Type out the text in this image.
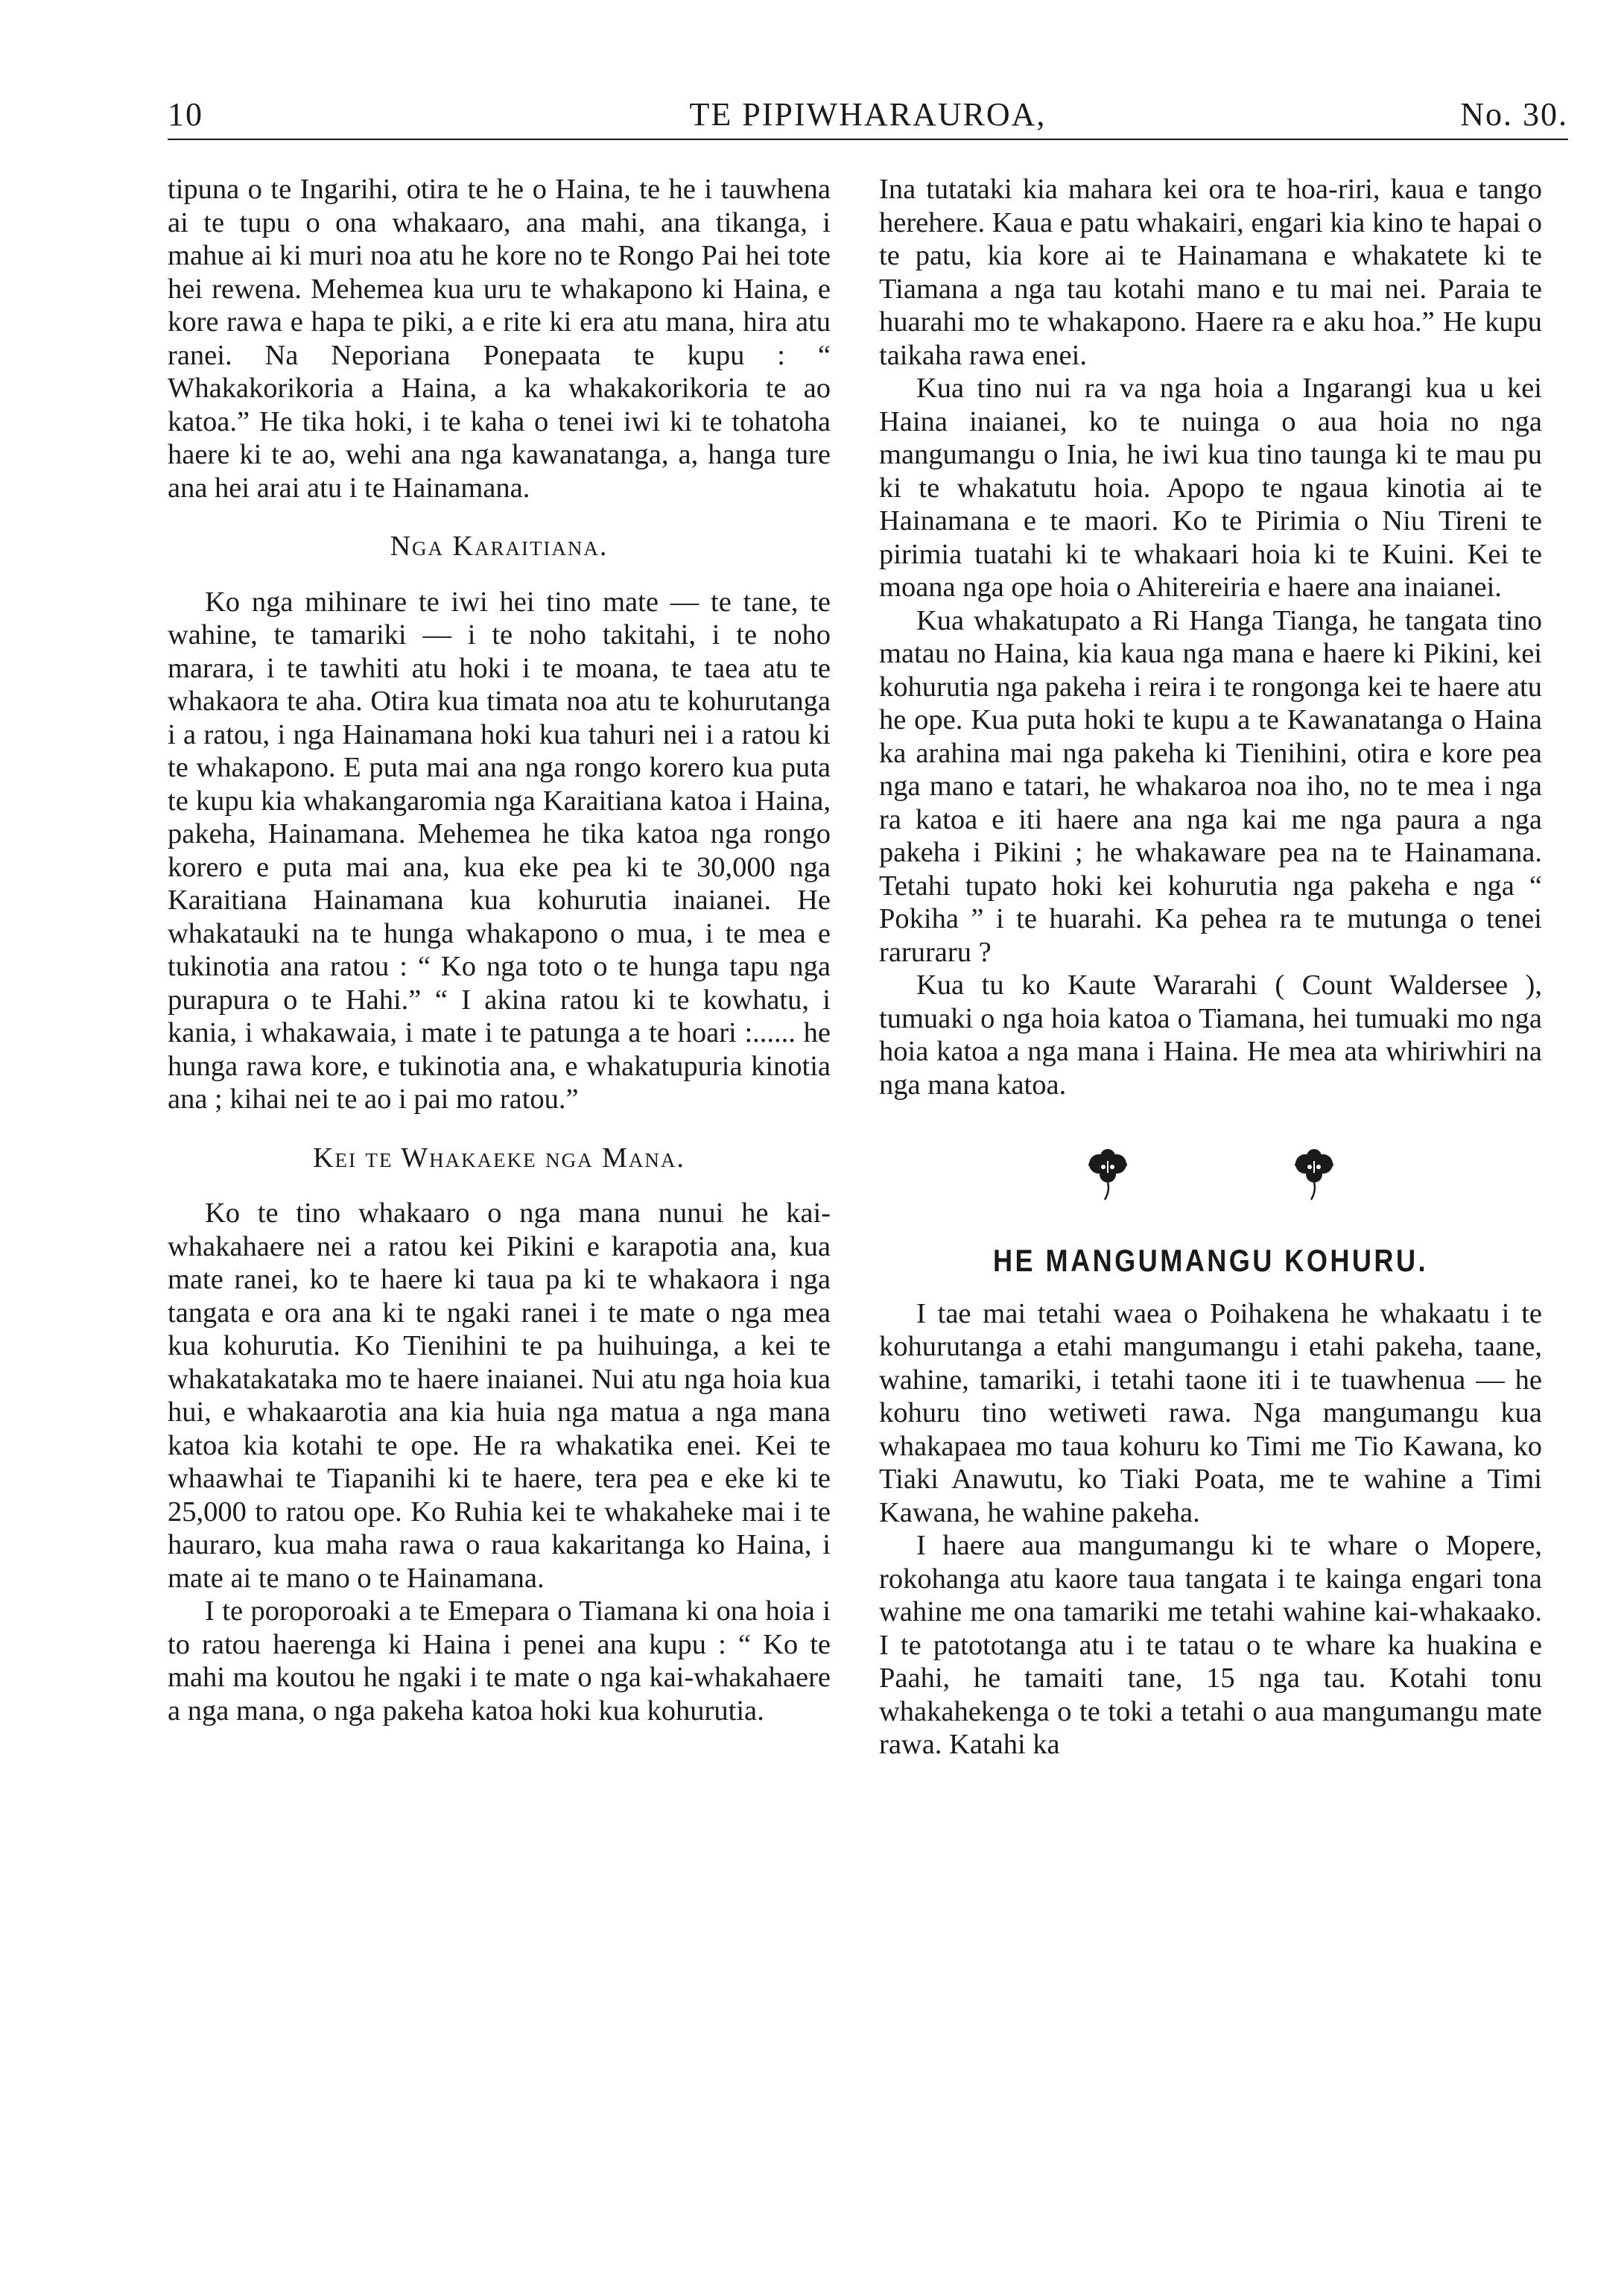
10	TE PIPIWHARAUROA,	No. 30.

tipuna o te Ingarihi, otira te he o Haina, te he i tauwhena ai te tupu o ona whakaaro, ana mahi, ana tikanga, i mahue ai ki muri noa atu he kore no te Rongo Pai hei tote hei rewena. Mehemea kua uru te whakapono ki Haina, e kore rawa e hapa te piki, a e rite ki era atu mana, hira atu ranei. Na Neporiana Ponepaata te kupu : “ Whakakorikoria a Haina, a ka whakakorikoria te ao katoa.” He tika hoki, i te kaha o tenei iwi ki te tohatoha haere ki te ao, wehi ana nga kawanatanga, a, hanga ture ana hei arai atu i te Hainamana.

Nga Karaitiana.

Ko nga mihinare te iwi hei tino mate — te tane, te wahine, te tamariki — i te noho takitahi, i te noho marara, i te tawhiti atu hoki i te moana, te taea atu te whakaora te aha. Otira kua timata noa atu te kohurutanga i a ratou, i nga Hainamana hoki kua tahuri nei i a ratou ki te whakapono. E puta mai ana nga rongo korero kua puta te kupu kia whakangaromia nga Karaitiana katoa i Haina, pakeha, Hainamana. Mehemea he tika katoa nga rongo korero e puta mai ana, kua eke pea ki te 30,000 nga Karaitiana Hainamana kua kohurutia inaianei. He whakatauki na te hunga whakapono o mua, i te mea e tukinotia ana ratou : “ Ko nga toto o te hunga tapu nga purapura o te Hahi.” “ I akina ratou ki te kowhatu, i kania, i whakawaia, i mate i te patunga a te hoari :...... he hunga rawa kore, e tukinotia ana, e whakatupuria kinotia ana ; kihai nei te ao i pai mo ratou.”

Kei te Whakaeke nga Mana.

Ko te tino whakaaro o nga mana nunui he kai-whakahaere nei a ratou kei Pikini e karapotia ana, kua mate ranei, ko te haere ki taua pa ki te whakaora i nga tangata e ora ana ki te ngaki ranei i te mate o nga mea kua kohurutia. Ko Tienihini te pa huihuinga, a kei te whakatakataka mo te haere inaianei. Nui atu nga hoia kua hui, e whakaarotia ana kia huia nga matua a nga mana katoa kia kotahi te ope. He ra whakatika enei. Kei te whaawhai te Tiapanihi ki te haere, tera pea e eke ki te 25,000 to ratou ope. Ko Ruhia kei te whakaheke mai i te hauraro, kua maha rawa o raua kakaritanga ko Haina, i mate ai te mano o te Hainamana.

I te poroporoaki a te Emepara o Tiamana ki ona hoia i to ratou haerenga ki Haina i penei ana kupu : “ Ko te mahi ma koutou he ngaki i te mate o nga kai-whakahaere a nga mana, o nga pakeha katoa hoki kua kohurutia.

Ina tutataki kia mahara kei ora te hoa-riri, kaua e tango herehere. Kaua e patu whakairi, engari kia kino te hapai o te patu, kia kore ai te Hainamana e whakatete ki te Tiamana a nga tau kotahi mano e tu mai nei. Paraia te huarahi mo te whakapono. Haere ra e aku hoa.” He kupu taikaha rawa enei.

Kua tino nui ra va nga hoia a Ingarangi kua u kei Haina inaianei, ko te nuinga o aua hoia no nga mangumangu o Inia, he iwi kua tino taunga ki te mau pu ki te whakatutu hoia. Apopo te ngaua kinotia ai te Hainamana e te maori. Ko te Pirimia o Niu Tireni te pirimia tuatahi ki te whakaari hoia ki te Kuini. Kei te moana nga ope hoia o Ahitereiria e haere ana inaianei.

Kua whakatupato a Ri Hanga Tianga, he tangata tino matau no Haina, kia kaua nga mana e haere ki Pikini, kei kohurutia nga pakeha i reira i te rongonga kei te haere atu he ope. Kua puta hoki te kupu a te Kawanatanga o Haina ka arahina mai nga pakeha ki Tienihini, otira e kore pea nga mano e tatari, he whakaroa noa iho, no te mea i nga ra katoa e iti haere ana nga kai me nga paura a nga pakeha i Pikini ; he whakaware pea na te Hainamana. Tetahi tupato hoki kei kohurutia nga pakeha e nga “ Pokiha ” i te huarahi. Ka pehea ra te mutunga o tenei raruraru ?

Kua tu ko Kaute Wararahi ( Count Waldersee ), tumuaki o nga hoia katoa o Tiamana, hei tumuaki mo nga hoia katoa a nga mana i Haina. He mea ata whiriwhiri na nga mana katoa.

HE MANGUMANGU KOHURU.

I tae mai tetahi waea o Poihakena he whakaatu i te kohurutanga a etahi mangumangu i etahi pakeha, taane, wahine, tamariki, i tetahi taone iti i te tuawhenua — he kohuru tino wetiweti rawa. Nga mangumangu kua whakapaea mo taua kohuru ko Timi me Tio Kawana, ko Tiaki Anawutu, ko Tiaki Poata, me te wahine a Timi Kawana, he wahine pakeha.

I haere aua mangumangu ki te whare o Mopere, rokohanga atu kaore taua tangata i te kainga engari tona wahine me ona tamariki me tetahi wahine kai-whakaako. I te patototanga atu i te tatau o te whare ka huakina e Paahi, he tamaiti tane, 15 nga tau. Kotahi tonu whakahekenga o te toki a tetahi o aua mangumangu mate rawa. Katahi ka
